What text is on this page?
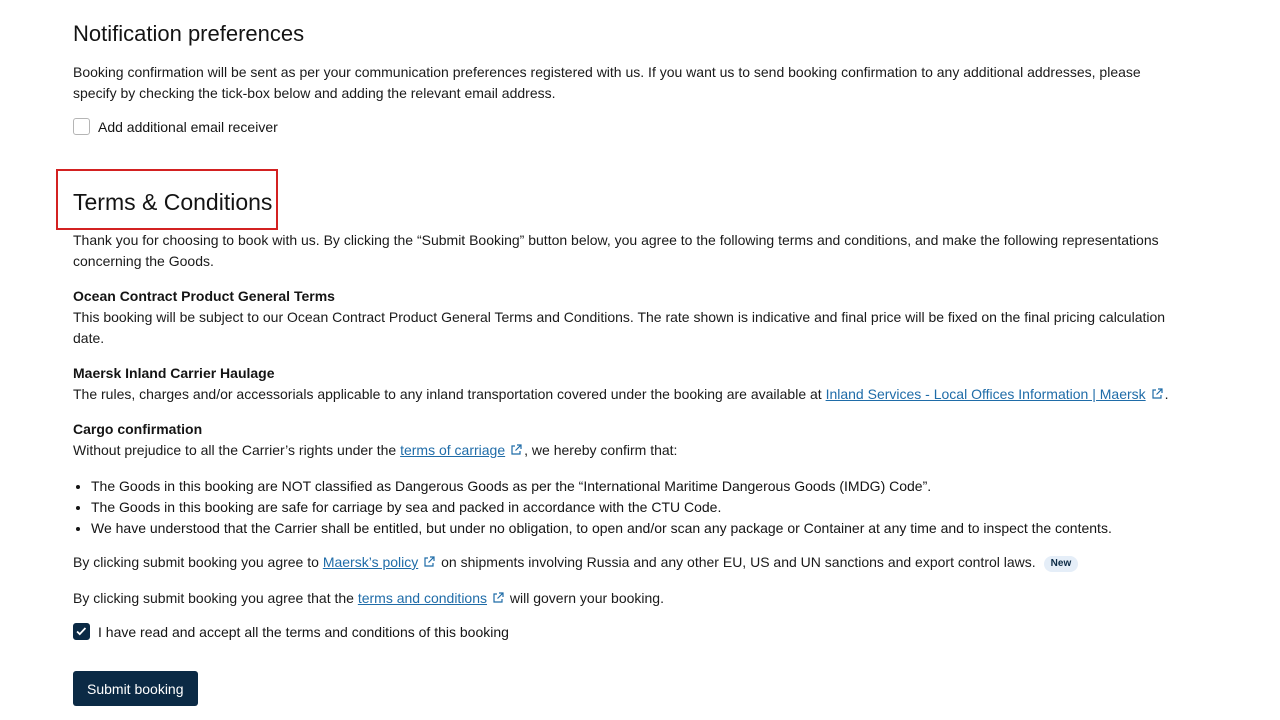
Notification preferences

Booking confirmation will be sent as per your communication preferences registered with us. If you want us to send booking confirmation to any additional addresses, please specify by checking the tick-box below and adding the relevant email address.

Add additional email receiver
Terms & Conditions

Thank you for choosing to book with us. By clicking the “Submit Booking” button below, you agree to the following terms and conditions, and make the following representations concerning the Goods.

Ocean Contract Product General Terms

This booking will be subject to our Ocean Contract Product General Terms and Conditions. The rate shown is indicative and final price will be fixed on the final pricing calculation date.

Maersk Inland Carrier Haulage

The rules, charges and/or accessorials applicable to any inland transportation covered under the booking are available at Inland Services - Local Offices Information | Maersk .

Cargo confirmation

Without prejudice to all the Carrier’s rights under the terms of carriage , we hereby confirm that:

• The Goods in this booking are NOT classified as Dangerous Goods as per the “International Maritime Dangerous Goods (IMDG) Code”.
• The Goods in this booking are safe for carriage by sea and packed in accordance with the CTU Code.
• We have understood that the Carrier shall be entitled, but under no obligation, to open and/or scan any package or Container at any time and to inspect the contents.

By clicking submit booking you agree to Maersk’s policy on shipments involving Russia and any other EU, US and UN sanctions and export control laws. New

By clicking submit booking you agree that the terms and conditions will govern your booking.

I have read and accept all the terms and conditions of this booking
Submit booking
